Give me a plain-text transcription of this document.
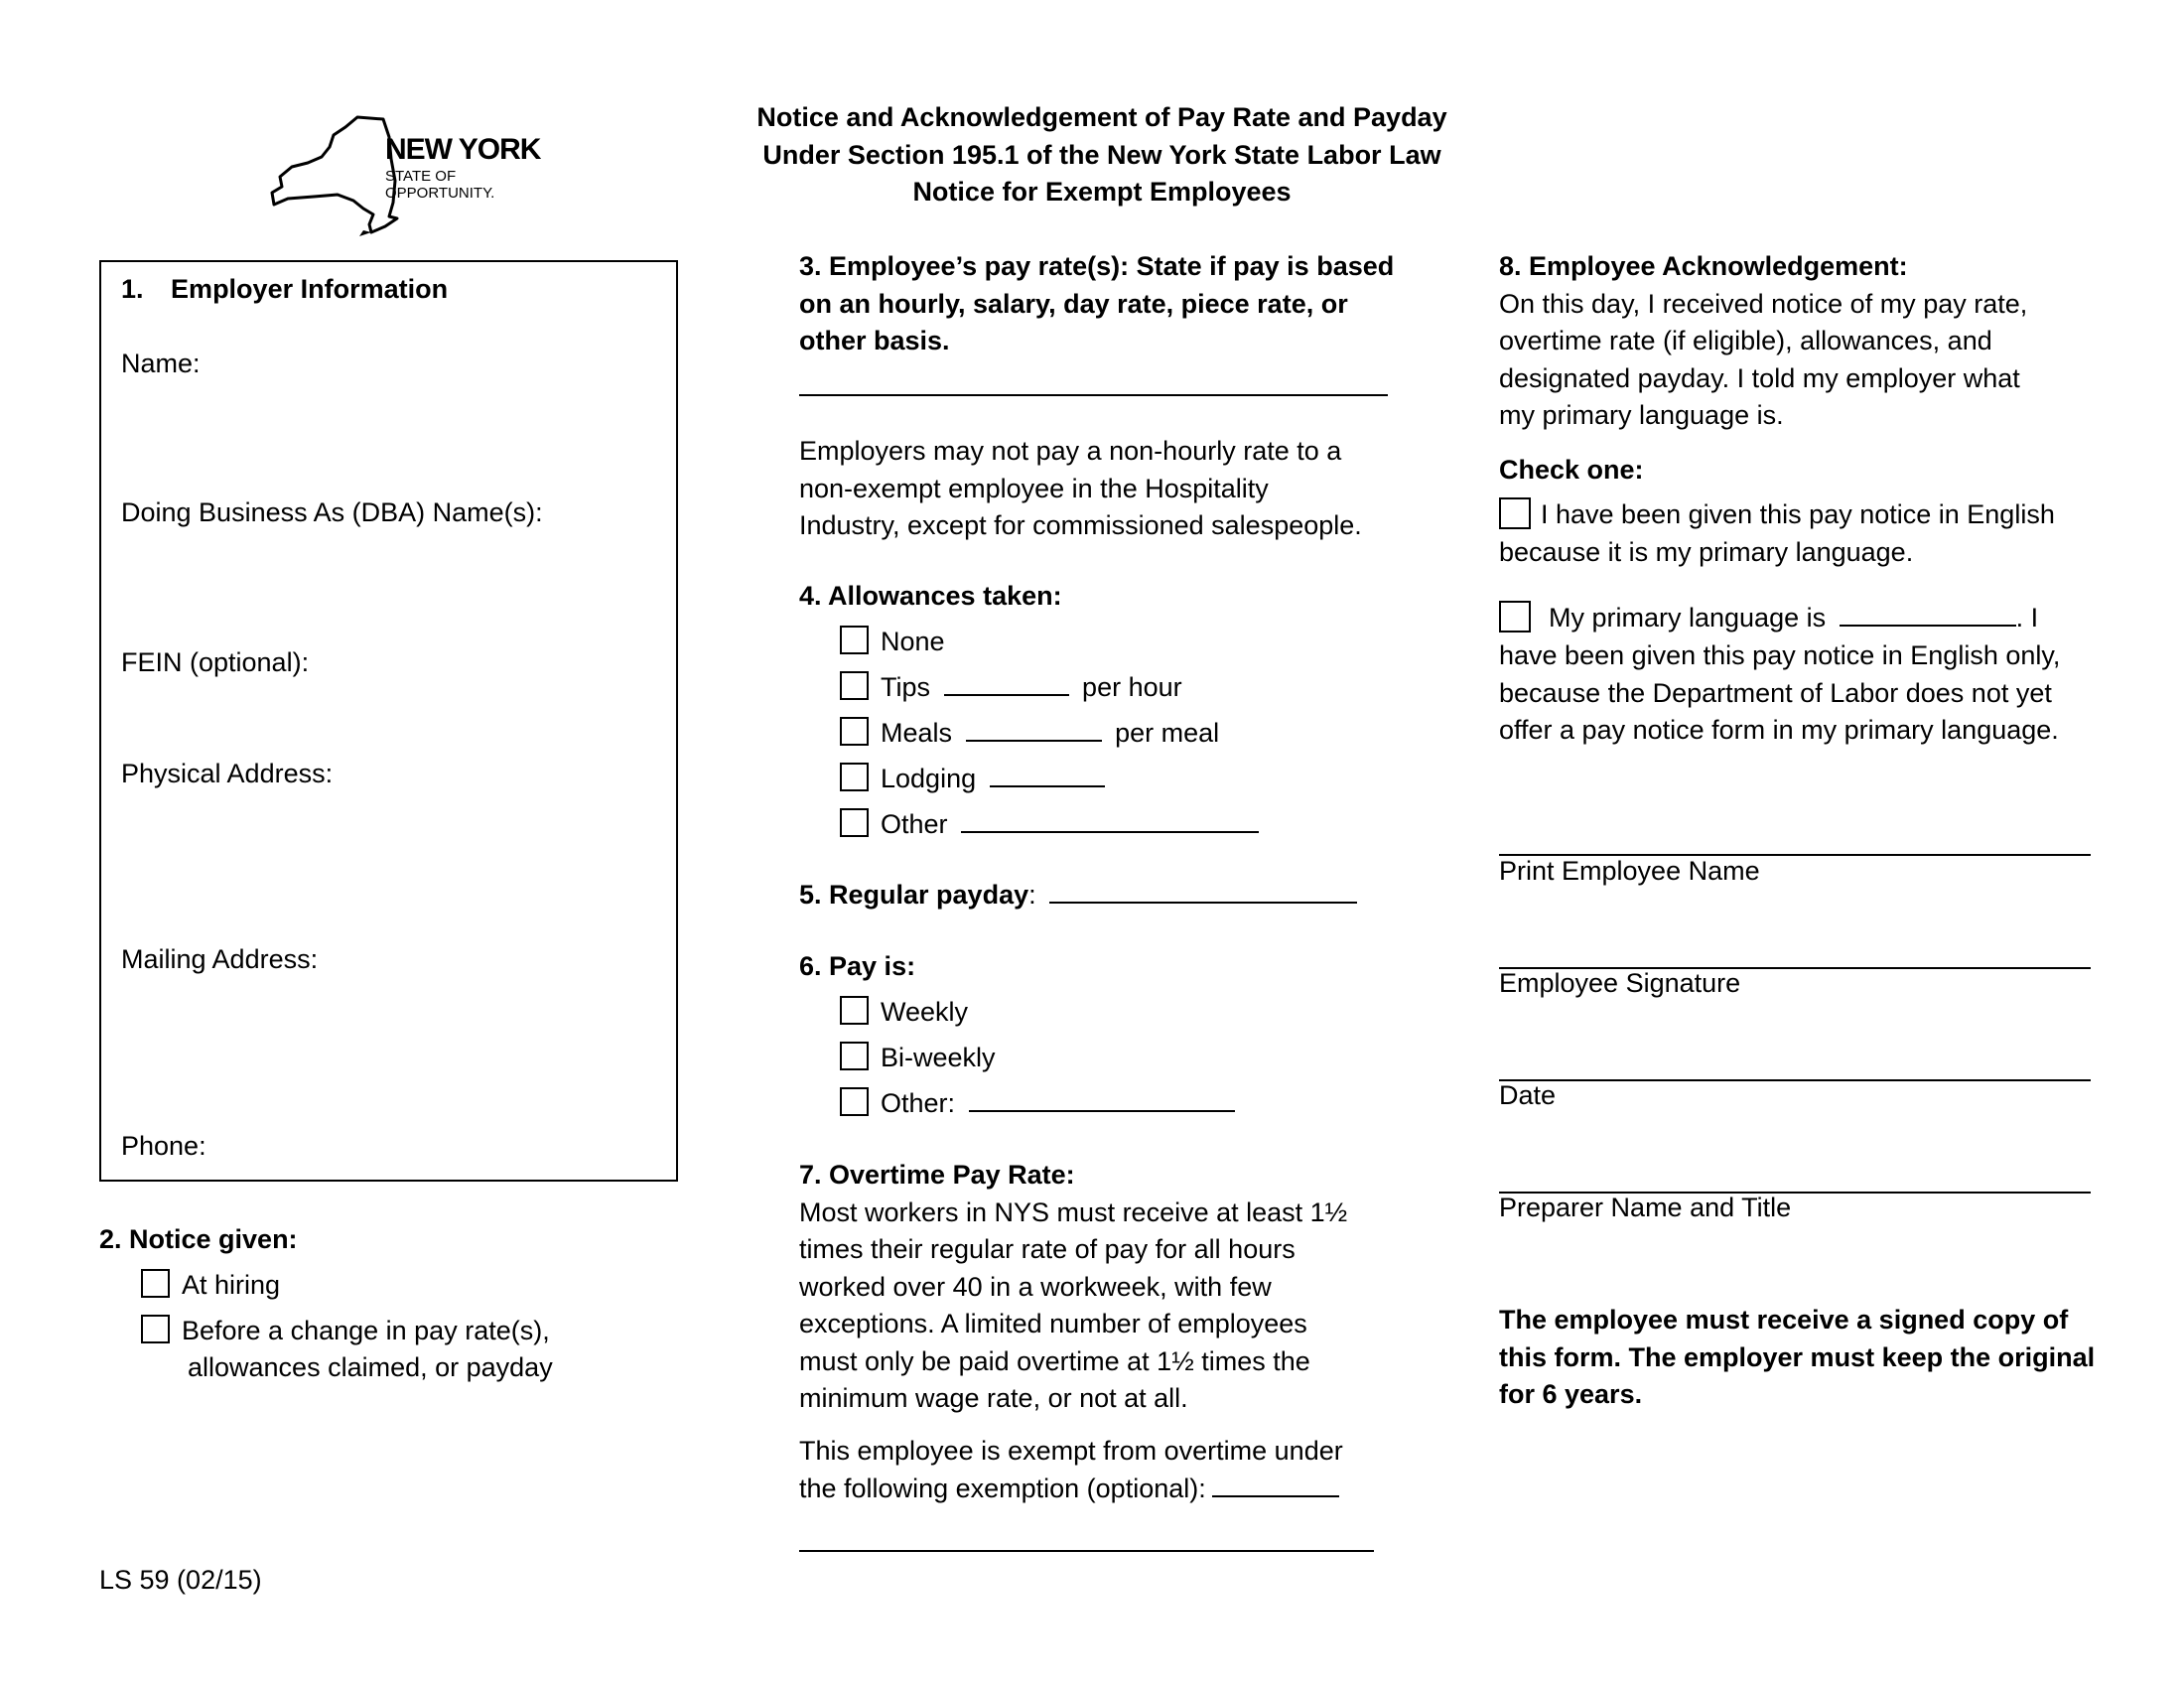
NEW YORK
STATE OF
OPPORTUNITY.
Notice and Acknowledgement of Pay Rate and Payday
Under Section 195.1 of the New York State Labor Law
Notice for Exempt Employees
1. Employer Information
Name:
Doing Business As (DBA) Name(s):
FEIN (optional):
Physical Address:
Mailing Address:
Phone:
2. Notice given:
At hiring
Before a change in pay rate(s),
allowances claimed, or payday
LS 59 (02/15)
3. Employee’s pay rate(s): State if pay is based
on an hourly, salary, day rate, piece rate, or
other basis.
Employers may not pay a non-hourly rate to a
non-exempt employee in the Hospitality
Industry, except for commissioned salespeople.
4. Allowances taken:
None
Tips	per hour
Meals	per meal
Lodging
Other
5. Regular payday:
6. Pay is:
Weekly
Bi-weekly
Other:
7. Overtime Pay Rate:
Most workers in NYS must receive at least 1½
times their regular rate of pay for all hours
worked over 40 in a workweek, with few
exceptions. A limited number of employees
must only be paid overtime at 1½ times the
minimum wage rate, or not at all.
This employee is exempt from overtime under
the following exemption (optional):
8. Employee Acknowledgement:
On this day, I received notice of my pay rate,
overtime rate (if eligible), allowances, and
designated payday. I told my employer what
my primary language is.
Check one:
I have been given this pay notice in English
because it is my primary language.
My primary language is	. I
have been given this pay notice in English only,
because the Department of Labor does not yet
offer a pay notice form in my primary language.
Print Employee Name
Employee Signature
Date
Preparer Name and Title
The employee must receive a signed copy of
this form. The employer must keep the original
for 6 years.
